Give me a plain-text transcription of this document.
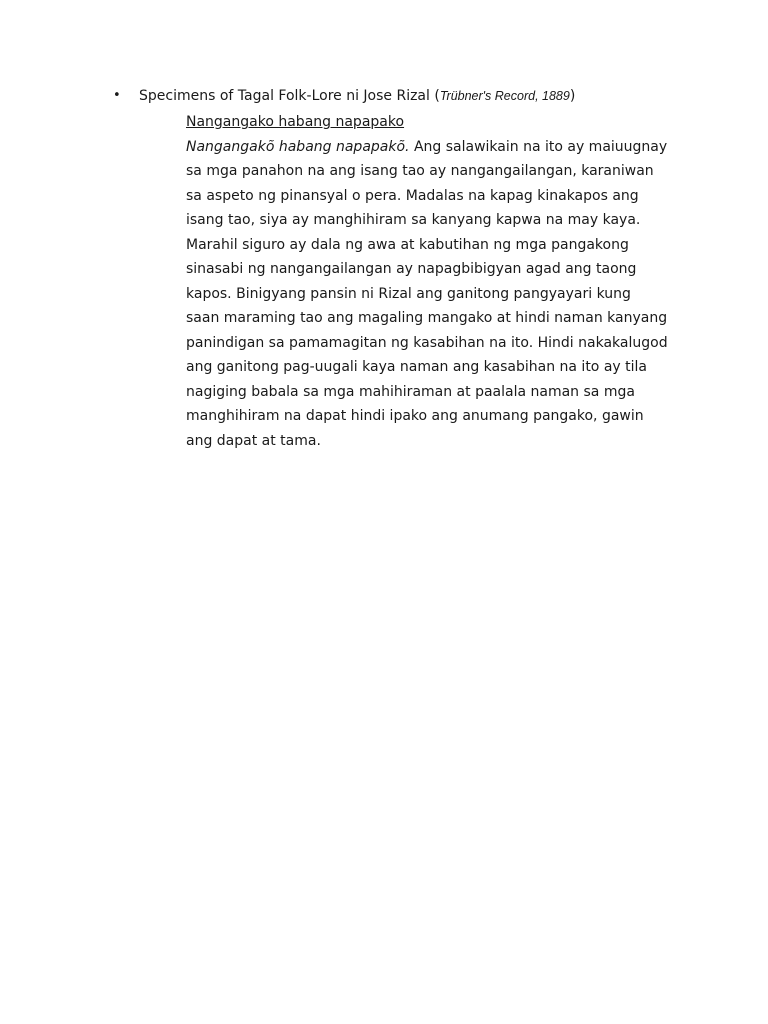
•	Specimens of Tagal Folk-Lore ni Jose Rizal (Trübner's Record, 1889)
Nangangako habang napapako
Nangangakõ habang napapakõ. Ang salawikain na ito ay maiuugnay
sa mga panahon na ang isang tao ay nangangailangan, karaniwan
sa aspeto ng pinansyal o pera. Madalas na kapag kinakapos ang
isang tao, siya ay manghihiram sa kanyang kapwa na may kaya.
Marahil siguro ay dala ng awa at kabutihan ng mga pangakong
sinasabi ng nangangailangan ay napagbibigyan agad ang taong
kapos. Binigyang pansin ni Rizal ang ganitong pangyayari kung
saan maraming tao ang magaling mangako at hindi naman kanyang
panindigan sa pamamagitan ng kasabihan na ito. Hindi nakakalugod
ang ganitong pag-uugali kaya naman ang kasabihan na ito ay tila
nagiging babala sa mga mahihiraman at paalala naman sa mga
manghihiram na dapat hindi ipako ang anumang pangako, gawin
ang dapat at tama.
